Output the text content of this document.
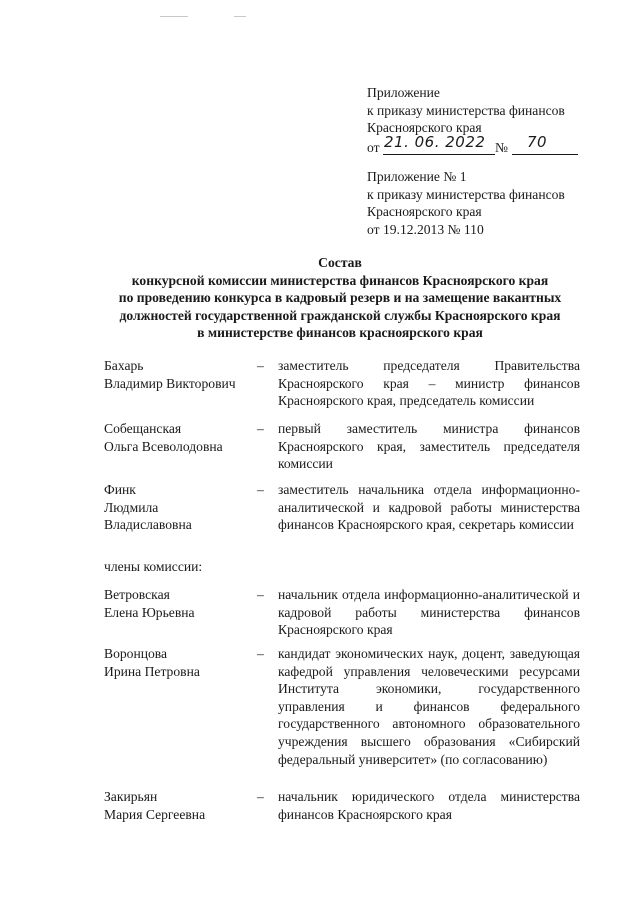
Приложение
к приказу министерства финансов
Красноярского края
от 21. 06. 2022 № 70
Приложение № 1
к приказу министерства финансов
Красноярского края
от 19.12.2013 № 110
Состав
конкурсной комиссии министерства финансов Красноярского края
по проведению конкурса в кадровый резерв и на замещение вакантных
должностей государственной гражданской службы Красноярского края
в министерстве финансов красноярского края
Бахарь
Владимир Викторович
– заместитель председателя Правительства Красноярского края – министр финансов Красноярского края, председатель комиссии
Собещанская
Ольга Всеволодовна
– первый заместитель министра финансов Красноярского края, заместитель председателя комиссии
Финк
Людмила
Владиславовна
– заместитель начальника отдела информационно-аналитической и кадровой работы министерства финансов Красноярского края, секретарь комиссии
члены комиссии:
Ветровская
Елена Юрьевна
– начальник отдела информационно-аналитической и кадровой работы министерства финансов Красноярского края
Воронцова
Ирина Петровна
– кандидат экономических наук, доцент, заведующая кафедрой управления человеческими ресурсами Института экономики, государственного управления и финансов федерального государственного автономного образовательного учреждения высшего образования «Сибирский федеральный университет» (по согласованию)
Закирьян
Мария Сергеевна
– начальник юридического отдела министерства финансов Красноярского края
